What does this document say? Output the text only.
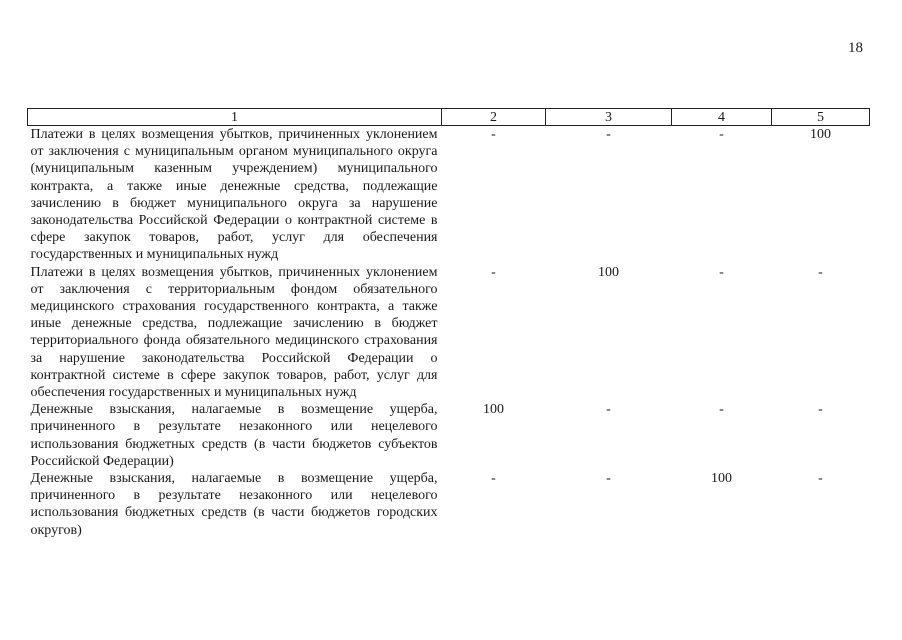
18
1	2	3	4	5
Платежи в целях возмещения убытков, причиненных уклонением от заключения с муниципальным органом муниципального округа (муниципальным казенным учреждением) муниципального контракта, а также иные денежные средства, подлежащие зачислению в бюджет муниципального округа за нарушение законодательства Российской Федерации о контрактной системе в сфере закупок товаров, работ, услуг для обеспечения государственных и муниципальных нужд	-	-	-	100
Платежи в целях возмещения убытков, причиненных уклонением от заключения с территориальным фондом обязательного медицинского страхования государственного контракта, а также иные денежные средства, подлежащие зачислению в бюджет территориального фонда обязательного медицинского страхования за нарушение законодательства Российской Федерации о контрактной системе в сфере закупок товаров, работ, услуг для обеспечения государственных и муниципальных нужд	-	100	-	-
Денежные взыскания, налагаемые в возмещение ущерба, причиненного в результате незаконного или нецелевого использования бюджетных средств (в части бюджетов субъектов Российской Федерации)	100	-	-	-
Денежные взыскания, налагаемые в возмещение ущерба, причиненного в результате незаконного или нецелевого использования бюджетных средств (в части бюджетов городских округов)	-	-	100	-
